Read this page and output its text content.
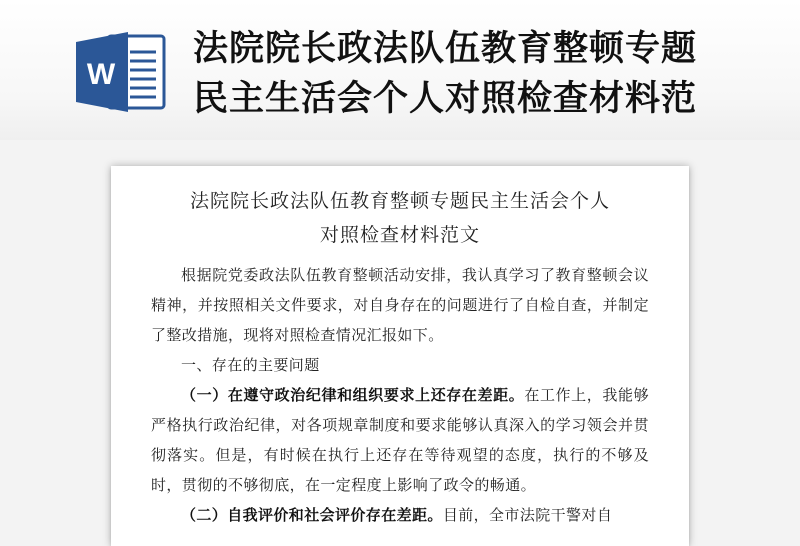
W
法院院长政法队伍教育整顿专题
民主生活会个人对照检查材料范
法院院长政法队伍教育整顿专题民主生活会个人
对照检查材料范文

根据院党委政法队伍教育整顿活动安排，我认真学习了教育整顿会议精神，并按照相关文件要求，对自身存在的问题进行了自检自查，并制定了整改措施，现将对照检查情况汇报如下。

一、存在的主要问题

（一）在遵守政治纪律和组织要求上还存在差距。在工作上，我能够严格执行政治纪律，对各项规章制度和要求能够认真深入的学习领会并贯彻落实。但是，有时候在执行上还存在等待观望的态度，执行的不够及时，贯彻的不够彻底，在一定程度上影响了政令的畅通。

（二）自我评价和社会评价存在差距。目前，全市法院干警对自
